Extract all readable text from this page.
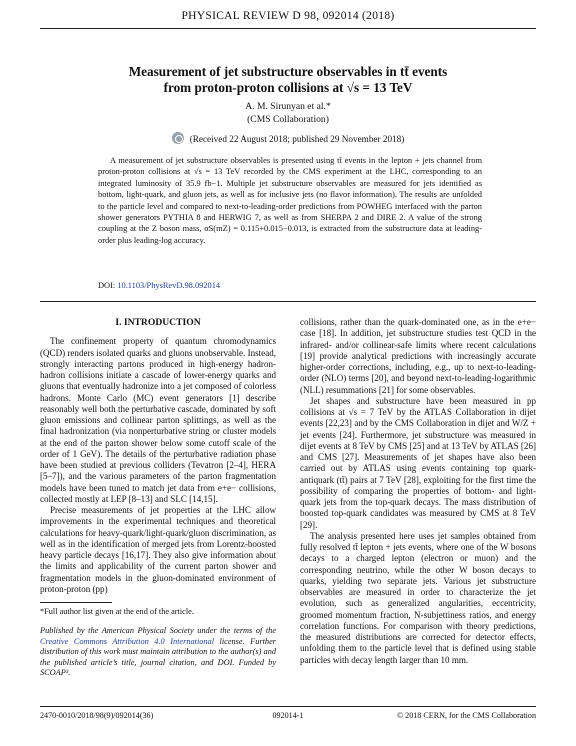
PHYSICAL REVIEW D 98, 092014 (2018)
Measurement of jet substructure observables in tt̄ events
from proton-proton collisions at √s = 13 TeV
A. M. Sirunyan et al.*
(CMS Collaboration)
(Received 22 August 2018; published 29 November 2018)
A measurement of jet substructure observables is presented using tt̄ events in the lepton + jets channel from proton-proton collisions at √s = 13 TeV recorded by the CMS experiment at the LHC, corresponding to an integrated luminosity of 35.9 fb−1. Multiple jet substructure observables are measured for jets identified as bottom, light-quark, and gluon jets, as well as for inclusive jets (no flavor information). The results are unfolded to the particle level and compared to next-to-leading-order predictions from POWHEG interfaced with the parton shower generators PYTHIA 8 and HERWIG 7, as well as from SHERPA 2 and DIRE 2. A value of the strong coupling at the Z boson mass, αS(mZ) = 0.115+0.015−0.013, is extracted from the substructure data at leading-order plus leading-log accuracy.
DOI: 10.1103/PhysRevD.98.092014
I. INTRODUCTION

The confinement property of quantum chromodynamics (QCD) renders isolated quarks and gluons unobservable. Instead, strongly interacting partons produced in high-energy hadron-hadron collisions initiate a cascade of lower-energy quarks and gluons that eventually hadronize into a jet composed of colorless hadrons. Monte Carlo (MC) event generators [1] describe reasonably well both the perturbative cascade, dominated by soft gluon emissions and collinear parton splittings, as well as the final hadronization (via nonperturbative string or cluster models at the end of the parton shower below some cutoff scale of the order of 1 GeV). The details of the perturbative radiation phase have been studied at previous colliders (Tevatron [2–4], HERA [5–7]), and the various parameters of the parton fragmentation models have been tuned to match jet data from e+e− collisions, collected mostly at LEP [8–13] and SLC [14,15].

Precise measurements of jet properties at the LHC allow improvements in the experimental techniques and theoretical calculations for heavy-quark/light-quark/gluon discrimination, as well as in the identification of merged jets from Lorentz-boosted heavy particle decays [16,17]. They also give information about the limits and applicability of the current parton shower and fragmentation models in the gluon-dominated environment of proton-proton (pp)

collisions, rather than the quark-dominated one, as in the e+e− case [18]. In addition, jet substructure studies test QCD in the infrared- and/or collinear-safe limits where recent calculations [19] provide analytical predictions with increasingly accurate higher-order corrections, including, e.g., up to next-to-leading-order (NLO) terms [20], and beyond next-to-leading-logarithmic (NLL) resummations [21] for some observables.

Jet shapes and substructure have been measured in pp collisions at √s = 7 TeV by the ATLAS Collaboration in dijet events [22,23] and by the CMS Collaboration in dijet and W/Z + jet events [24]. Furthermore, jet substructure was measured in dijet events at 8 TeV by CMS [25] and at 13 TeV by ATLAS [26] and CMS [27]. Measurements of jet shapes have also been carried out by ATLAS using events containing top quark-antiquark (tt̄) pairs at 7 TeV [28], exploiting for the first time the possibility of comparing the properties of bottom- and light-quark jets from the top-quark decays. The mass distribution of boosted top-quark candidates was measured by CMS at 8 TeV [29].

The analysis presented here uses jet samples obtained from fully resolved tt̄ lepton + jets events, where one of the W bosons decays to a charged lepton (electron or muon) and the corresponding neutrino, while the other W boson decays to quarks, yielding two separate jets. Various jet substructure observables are measured in order to characterize the jet evolution, such as generalized angularities, eccentricity, groomed momentum fraction, N-subjettiness ratios, and energy correlation functions. For comparison with theory predictions, the measured distributions are corrected for detector effects, unfolding them to the particle level that is defined using stable particles with decay length larger than 10 mm.

*Full author list given at the end of the article.
Published by the American Physical Society under the terms of the Creative Commons Attribution 4.0 International license. Further distribution of this work must maintain attribution to the author(s) and the published article’s title, journal citation, and DOI. Funded by SCOAP³.
2470-0010/2018/98(9)/092014(36)	092014-1	© 2018 CERN, for the CMS Collaboration
